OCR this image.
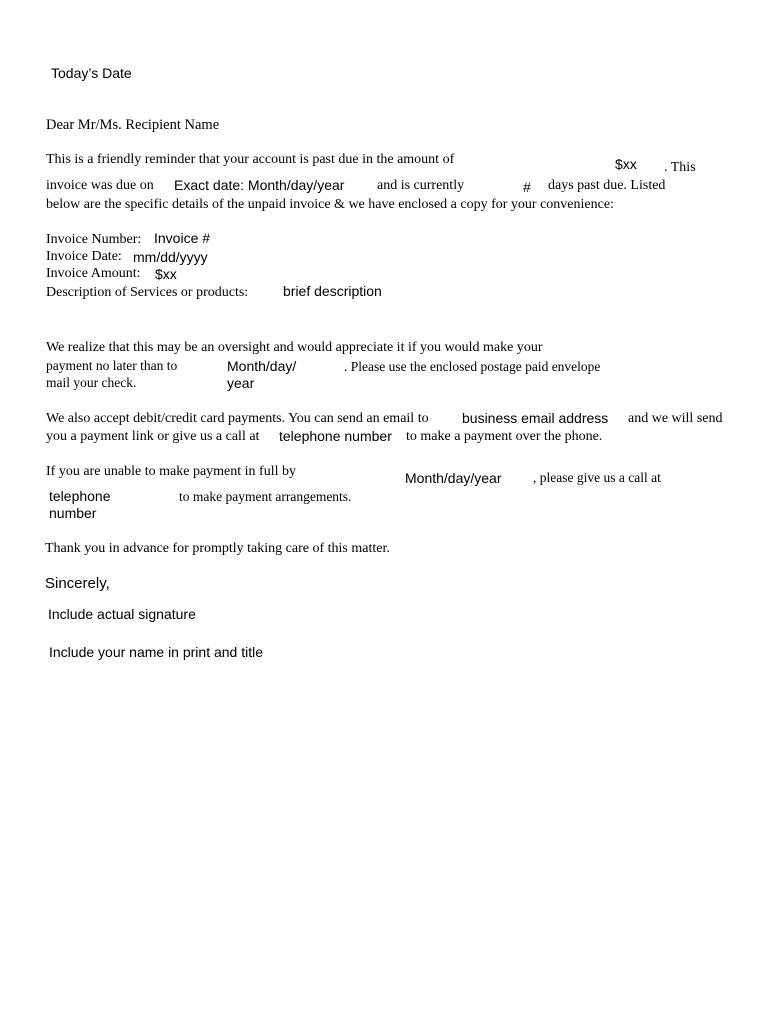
Today’s Date
Dear Mr/Ms. Recipient Name
This is a friendly reminder that your account is past due in the amount of	$xx . This
invoice was due on Exact date: Month/day/year and is currently	# days past due. Listed
below are the specific details of the unpaid invoice & we have enclosed a copy for your convenience:
Invoice Number: Invoice #
Invoice Date: mm/dd/yyyy
Invoice Amount: $xx
Description of Services or products: brief description
We realize that this may be an oversight and would appreciate it if you would make your
payment no later than to	Month/day/	. Please use the enclosed postage paid envelope
mail your check.	year
We also accept debit/credit card payments. You can send an email to business email address and we will send
you a payment link or give us a call at telephone number to make a payment over the phone.
If you are unable to make payment in full by	Month/day/year , please give us a call at
telephone	to make payment arrangements.
number
Thank you in advance for promptly taking care of this matter.
Sincerely,
Include actual signature
Include your name in print and title
